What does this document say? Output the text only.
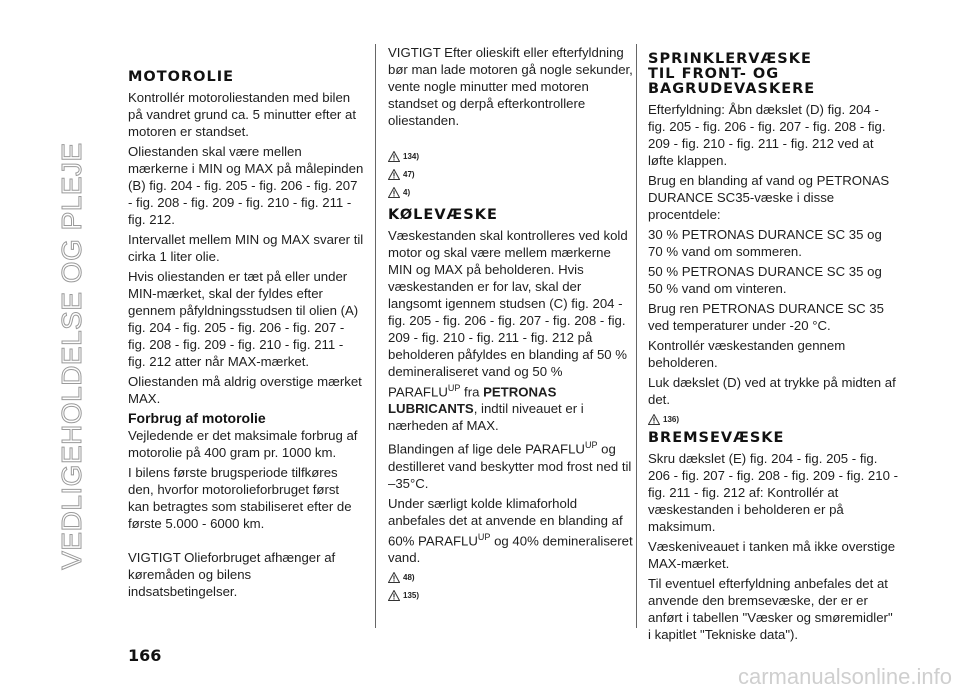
VEDLIGEHOLDELSE OG PLEJE
MOTOROLIE

Kontrollér motoroliestanden med bilen på vandret grund ca. 5 minutter efter at motoren er standset.

Oliestanden skal være mellen mærkerne i MIN og MAX på målepinden (B) fig. 204 - fig. 205 - fig. 206 - fig. 207 - fig. 208 - fig. 209 - fig. 210 - fig. 211 - fig. 212.

Intervallet mellem MIN og MAX svarer til cirka 1 liter olie.

Hvis oliestanden er tæt på eller under MIN-mærket, skal der fyldes efter gennem påfyldningsstudsen til olien (A) fig. 204 - fig. 205 - fig. 206 - fig. 207 - fig. 208 - fig. 209 - fig. 210 - fig. 211 - fig. 212 atter når MAX-mærket.

Oliestanden må aldrig overstige mærket MAX.

Forbrug af motorolie

Vejledende er det maksimale forbrug af motorolie på 400 gram pr. 1000 km.

I bilens første brugsperiode tilfkøres den, hvorfor motorolieforbruget først kan betragtes som stabiliseret efter de første 5.000 - 6000 km.

VIGTIGT Olieforbruget afhænger af køremåden og bilens indsatsbetingelser.

VIGTIGT Efter olieskift eller efterfyldning bør man lade motoren gå nogle sekunder, vente nogle minutter med motoren standset og derpå efterkontrollere oliestanden.

134)
47)
4)
KØLEVÆSKE

Væskestanden skal kontrolleres ved kold motor og skal være mellem mærkerne MIN og MAX på beholderen. Hvis væskestanden er for lav, skal der langsomt igennem studsen (C) fig. 204 - fig. 205 - fig. 206 - fig. 207 - fig. 208 - fig. 209 - fig. 210 - fig. 211 - fig. 212 på beholderen påfyldes en blanding af 50 % demineraliseret vand og 50 % $PARAFLU^{UP}$ fra PETRONAS LUBRICANTS, indtil niveauet er i nærheden af MAX.

Blandingen af lige dele $PARAFLU^{UP}$ og destilleret vand beskytter mod frost ned til –35°C.

Under særligt kolde klimaforhold anbefales det at anvende en blanding af 60% $PARAFLU^{UP}$ og 40% demineraliseret vand.

48)
135)
SPRINKLERVÆSKE
TIL FRONT- OG
BAGRUDEVASKERE

Efterfyldning: Åbn dækslet (D) fig. 204 - fig. 205 - fig. 206 - fig. 207 - fig. 208 - fig. 209 - fig. 210 - fig. 211 - fig. 212 ved at løfte klappen.

Brug en blanding af vand og PETRONAS DURANCE SC35-væske i disse procentdele:

30 % PETRONAS DURANCE SC 35 og 70 % vand om sommeren.

50 % PETRONAS DURANCE SC 35 og 50 % vand om vinteren.

Brug ren PETRONAS DURANCE SC 35 ved temperaturer under -20 °C.

Kontrollér væskestanden gennem beholderen.

Luk dækslet (D) ved at trykke på midten af det.

136)
BREMSEVÆSKE

Skru dækslet (E) fig. 204 - fig. 205 - fig. 206 - fig. 207 - fig. 208 - fig. 209 - fig. 210 - fig. 211 - fig. 212 af: Kontrollér at væskestanden i beholderen er på maksimum.

Væskeniveauet i tanken må ikke overstige MAX-mærket.

Til eventuel efterfyldning anbefales det at anvende den bremsevæske, der er er anført i tabellen "Væsker og smøremidler" i kapitlet "Tekniske data").

166
carmanualsonline.info
